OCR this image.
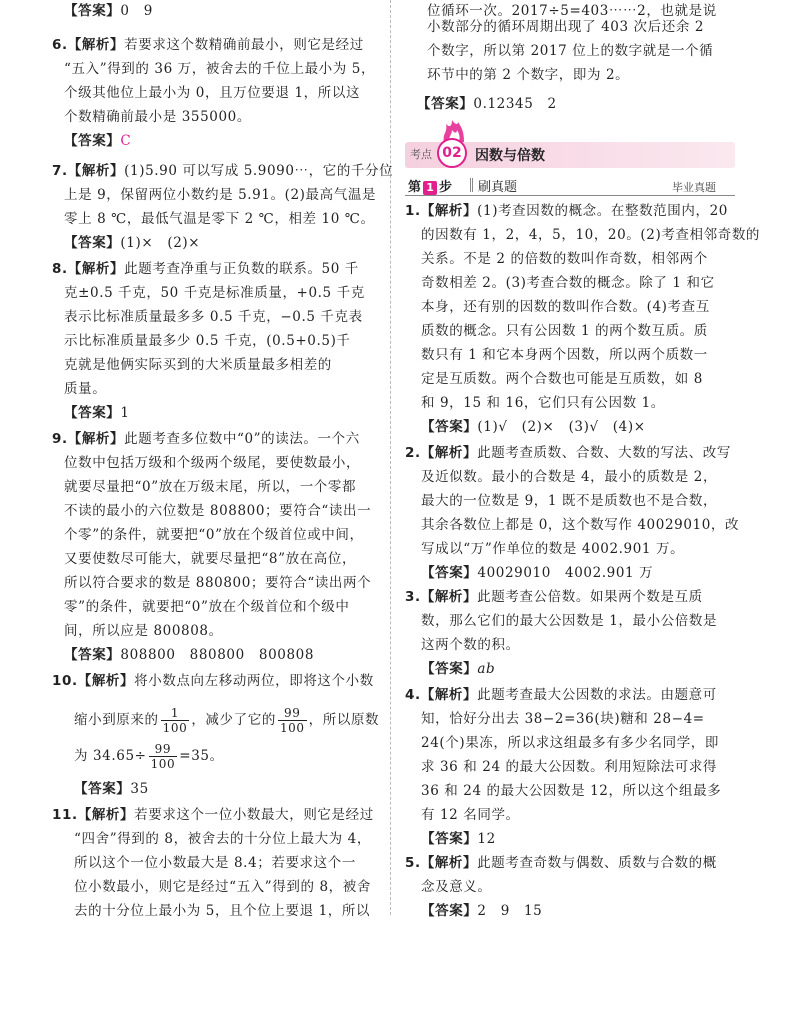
【答案】0　9
6.【解析】若要求这个数精确前最小，则它是经过
“五入”得到的 36 万，被舍去的千位上最小为 5，
个级其他位上最小为 0，且万位要退 1，所以这
个数精确前最小是 355000。
【答案】C
7.【解析】(1)5.90 可以写成 5.9090⋯，它的千分位
上是 9，保留两位小数约是 5.91。(2)最高气温是
零上 8 ℃，最低气温是零下 2 ℃，相差 10 ℃。
【答案】(1)×　(2)×
8.【解析】此题考查净重与正负数的联系。50 千
克±0.5 千克，50 千克是标准质量，+0.5 千克
表示比标准质量最多多 0.5 千克，−0.5 千克表
示比标准质量最多少 0.5 千克，(0.5+0.5)千
克就是他俩实际买到的大米质量最多相差的
质量。
【答案】1
9.【解析】此题考查多位数中“0”的读法。一个六
位数中包括万级和个级两个级尾，要使数最小，
就要尽量把“0”放在万级末尾，所以，一个零都
不读的最小的六位数是 808800；要符合“读出一
个零”的条件，就要把“0”放在个级首位或中间，
又要使数尽可能大，就要尽量把“8”放在高位，
所以符合要求的数是 880800；要符合“读出两个
零”的条件，就要把“0”放在个级首位和个级中
间，所以应是 800808。
【答案】808800　880800　800808
10.【解析】将小数点向左移动两位，即将这个小数
缩小到原来的 $\frac{1}{100}$ ，减少了它的 $\frac{99}{100}$ ，所以原数
为 $34.65\div \frac{99}{100} =35$。
【答案】35
11.【解析】若要求这个一位小数最大，则它是经过
“四舍”得到的 8，被舍去的十分位上最大为 4，
所以这个一位小数最大是 8.4；若要求这个一
位小数最小，则它是经过“五入”得到的 8，被舍
去的十分位上最小为 5，且个位上要退 1，所以
位循环一次。2017÷5=403⋯⋯2，也就是说
小数部分的循环周期出现了 403 次后还余 2
个数字，所以第 2017 位上的数字就是一个循
环节中的第 2 个数字，即为 2。
【答案】0.12345　2
1.【解析】(1)考查因数的概念。在整数范围内，20
的因数有 1，2，4，5，10，20。(2)考查相邻奇数的
关系。不是 2 的倍数的数叫作奇数，相邻两个
奇数相差 2。(3)考查合数的概念。除了 1 和它
本身，还有别的因数的数叫作合数。(4)考查互
质数的概念。只有公因数 1 的两个数互质。质
数只有 1 和它本身两个因数，所以两个质数一
定是互质数。两个合数也可能是互质数，如 8
和 9，15 和 16，它们只有公因数 1。
【答案】(1)√　(2)×　(3)√　(4)×
2.【解析】此题考查质数、合数、大数的写法、改写
及近似数。最小的合数是 4，最小的质数是 2，
最大的一位数是 9，1 既不是质数也不是合数，
其余各数位上都是 0，这个数写作 40029010，改
写成以“万”作单位的数是 4002.901 万。
【答案】40029010　4002.901 万
3.【解析】此题考查公倍数。如果两个数是互质
数，那么它们的最大公因数是 1，最小公倍数是
这两个数的积。
【答案】ab
4.【解析】此题考查最大公因数的求法。由题意可
知，恰好分出去 38−2=36(块)糖和 28−4=
24(个)果冻，所以求这组最多有多少名同学，即
求 36 和 24 的最大公因数。利用短除法可求得
36 和 24 的最大公因数是 12，所以这个组最多
有 12 名同学。
【答案】12
5.【解析】此题考查奇数与偶数、质数与合数的概
念及意义。
【答案】2　9　15
考点 02 因数与倍数
第 1 步 刷真题	毕业真题
